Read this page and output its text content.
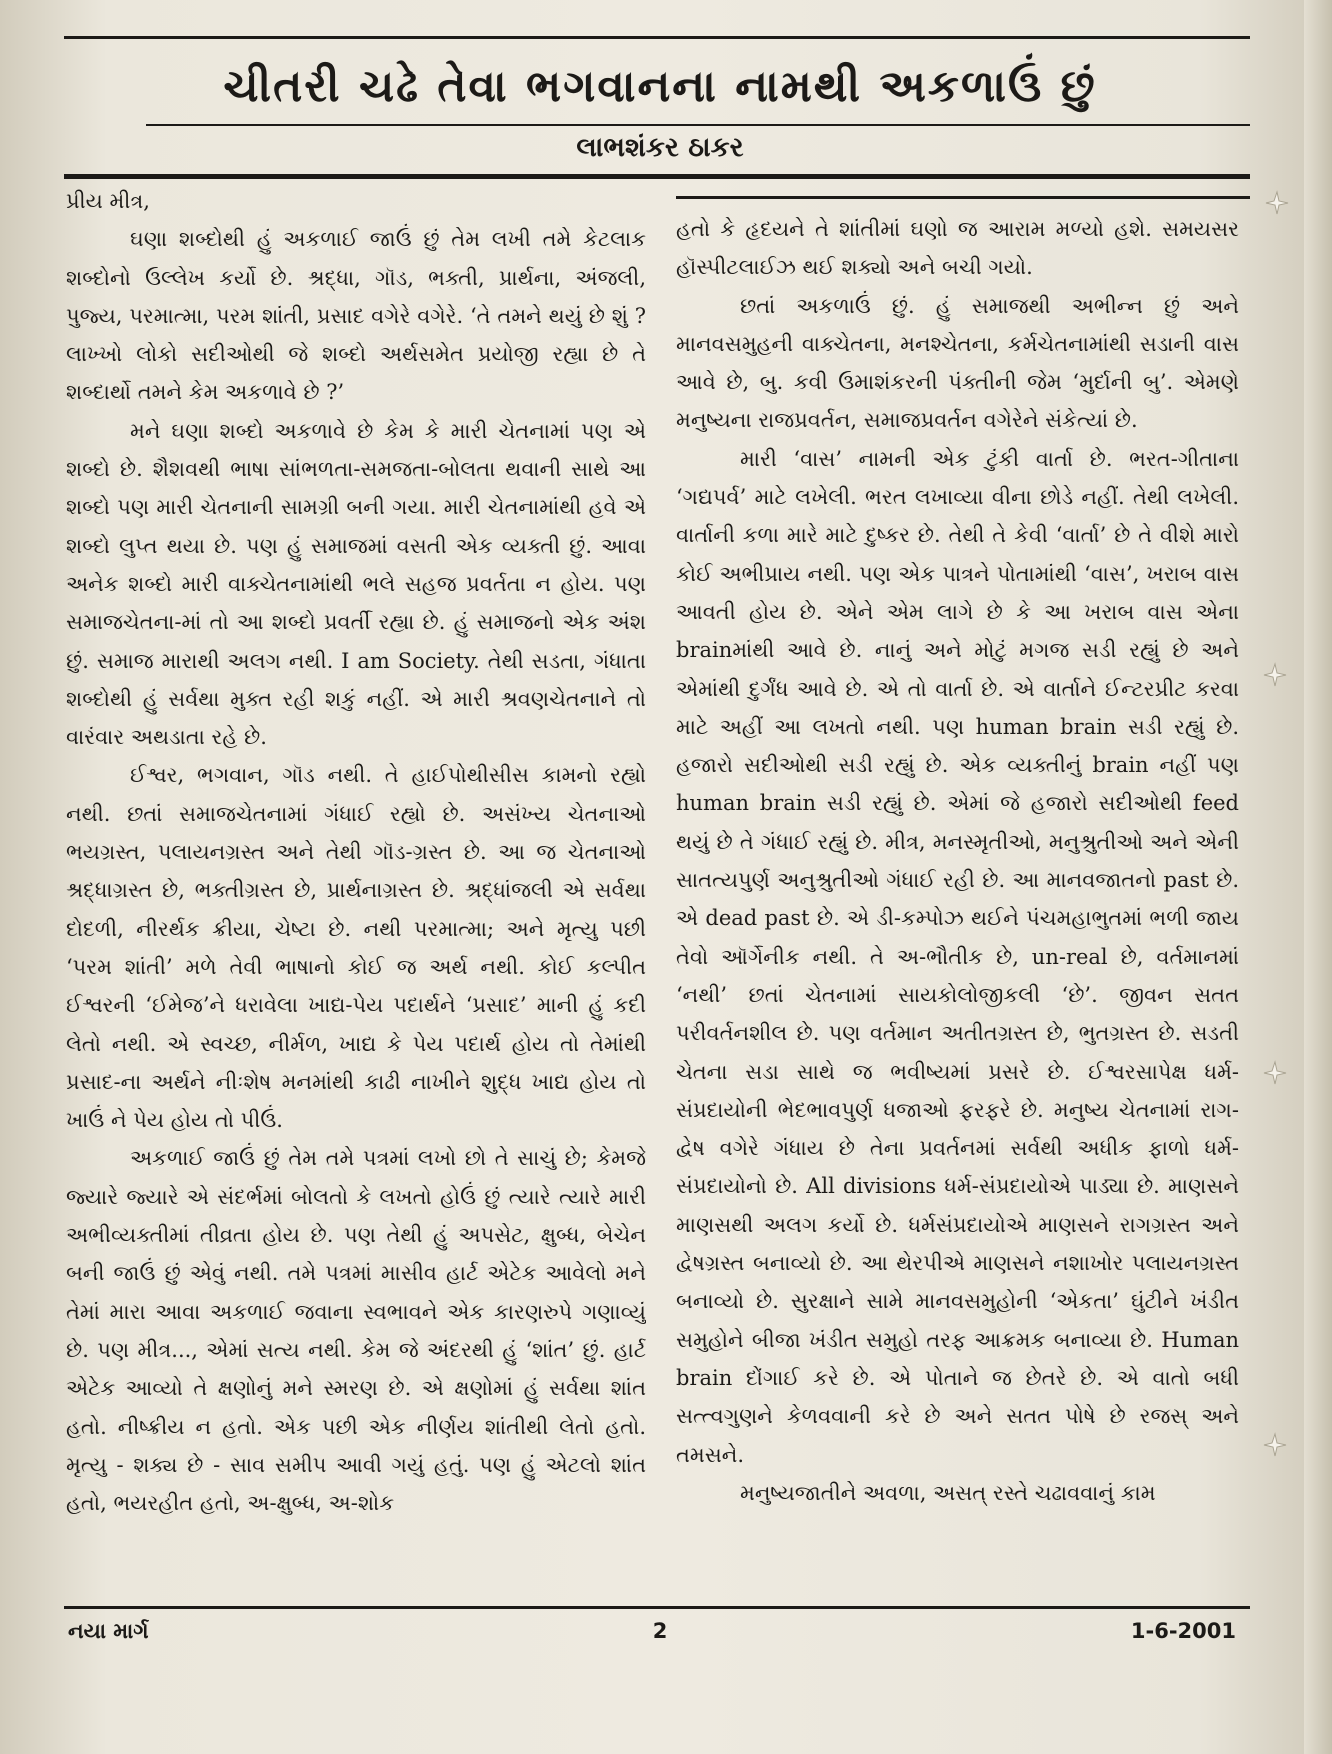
ચીતરી ચઢે તેવા ભગવાનના નામથી અકળાઉં છું
લાભશંકર ઠાકર

પ્રીય મીત્ર,

ઘણા શબ્દોથી હું અકળાઈ જાઉં છું તેમ લખી તમે કેટલાક શબ્દોનો ઉલ્લેખ કર્યો છે. શ્રદ્ધા, ગૉડ, ભક્તી, પ્રાર્થના, અંજલી, પુજ્ય, પરમાત્મા, પરમ શાંતી, પ્રસાદ વગેરે વગેરે. ‘તે તમને થયું છે શું ? લાખ્ખો લોકો સદીઓથી જે શબ્દો અર્થસમેત પ્રયોજી રહ્યા છે તે શબ્દાર્થો તમને કેમ અકળાવે છે ?’

મને ઘણા શબ્દો અકળાવે છે કેમ કે મારી ચેતનામાં પણ એ શબ્દો છે. શૈશવથી ભાષા સાંભળતા-સમજતા-બોલતા થવાની સાથે આ શબ્દો પણ મારી ચેતનાની સામગ્રી બની ગયા. મારી ચેતનામાંથી હવે એ શબ્દો લુપ્ત થયા છે. પણ હું સમાજમાં વસતી એક વ્યક્તી છું. આવા અનેક શબ્દો મારી વાક્ચેતનામાંથી ભલે સહજ પ્રવર્તતા ન હોય. પણ સમાજચેતના-માં તો આ શબ્દો પ્રવર્તી રહ્યા છે. હું સમાજનો એક અંશ છું. સમાજ મારાથી અલગ નથી. I am Society. તેથી સડતા, ગંધાતા શબ્દોથી હું સર્વથા મુક્ત રહી શકું નહીં. એ મારી શ્રવણચેતનાને તો વારંવાર અથડાતા રહે છે.

ઈશ્વર, ભગવાન, ગૉડ નથી. તે હાઈપોથીસીસ કામનો રહ્યો નથી. છતાં સમાજચેતનામાં ગંધાઈ રહ્યો છે. અસંખ્ય ચેતનાઓ ભયગ્રસ્ત, પલાયનગ્રસ્ત અને તેથી ગૉડ-ગ્રસ્ત છે. આ જ ચેતનાઓ શ્રદ્ધાગ્રસ્ત છે, ભક્તીગ્રસ્ત છે, પ્રાર્થનાગ્રસ્ત છે. શ્રદ્ધાંજલી એ સર્વથા દોદળી, નીરર્થક ક્રીયા, ચેષ્ટા છે. નથી પરમાત્મા; અને મૃત્યુ પછી ‘પરમ શાંતી’ મળે તેવી ભાષાનો કોઈ જ અર્થ નથી. કોઈ કલ્પીત ઈશ્વરની ‘ઈમેજ’ને ધરાવેલા ખાદ્ય-પેય પદાર્થને ‘પ્રસાદ’ માની હું કદી લેતો નથી. એ સ્વચ્છ, નીર્મળ, ખાદ્ય કે પેય પદાર્થ હોય તો તેમાંથી પ્રસાદ-ના અર્થને નીઃશેષ મનમાંથી કાઢી નાખીને શુદ્ધ ખાદ્ય હોય તો ખાઉં ને પેય હોય તો પીઉં.

અકળાઈ જાઉં છું તેમ તમે પત્રમાં લખો છો તે સાચું છે; કેમજે જ્યારે જ્યારે એ સંદર્ભમાં બોલતો કે લખતો હોઉં છું ત્યારે ત્યારે મારી અભીવ્યક્તીમાં તીવ્રતા હોય છે. પણ તેથી હું અપસેટ, ક્ષુબ્ધ, બેચેન બની જાઉં છું એવું નથી. તમે પત્રમાં માસીવ હાર્ટ એટેક આવેલો મને તેમાં મારા આવા અકળાઈ જવાના સ્વભાવને એક કારણરુપે ગણાવ્યું છે. પણ મીત્ર..., એમાં સત્ય નથી. કેમ જે અંદરથી હું ‘શાંત’ છું. હાર્ટ એટેક આવ્યો તે ક્ષણોનું મને સ્મરણ છે. એ ક્ષણોમાં હું સર્વથા શાંત હતો. નીષ્ક્રીય ન હતો. એક પછી એક નીર્ણય શાંતીથી લેતો હતો. મૃત્યુ - શક્ય છે - સાવ સમીપ આવી ગયું હતું. પણ હું એટલો શાંત હતો, ભયરહીત હતો, અ-ક્ષુબ્ધ, અ-શોક

હતો કે હૃદયને તે શાંતીમાં ઘણો જ આરામ મળ્યો હશે. સમયસર હૉસ્પીટલાઈઝ થઈ શક્યો અને બચી ગયો.

છતાં અકળાઉં છું. હું સમાજથી અભીન્ન છું અને માનવસમુહની વાક્ચેતના, મનશ્ચેતના, કર્મચેતનામાંથી સડાની વાસ આવે છે, બુ. કવી ઉમાશંકરની પંક્તીની જેમ ‘મુર્દાની બુ’. એમણે મનુષ્યના રાજપ્રવર્તન, સમાજપ્રવર્તન વગેરેને સંકેત્યાં છે.

મારી ‘વાસ’ નામની એક ટુંકી વાર્તા છે. ભરત-ગીતાના ‘ગદ્યપર્વ’ માટે લખેલી. ભરત લખાવ્યા વીના છોડે નહીં. તેથી લખેલી. વાર્તાની કળા મારે માટે દુષ્કર છે. તેથી તે કેવી ‘વાર્તા’ છે તે વીશે મારો કોઈ અભીપ્રાય નથી. પણ એક પાત્રને પોતામાંથી ‘વાસ’, ખરાબ વાસ આવતી હોય છે. એને એમ લાગે છે કે આ ખરાબ વાસ એના brainમાંથી આવે છે. નાનું અને મોટું મગજ સડી રહ્યું છે અને એમાંથી દુર્ગંધ આવે છે. એ તો વાર્તા છે. એ વાર્તાને ઈન્ટરપ્રીટ કરવા માટે અહીં આ લખતો નથી. પણ human brain સડી રહ્યું છે. હજારો સદીઓથી સડી રહ્યું છે. એક વ્યક્તીનું brain નહીં પણ human brain સડી રહ્યું છે. એમાં જે હજારો સદીઓથી feed થયું છે તે ગંધાઈ રહ્યું છે. મીત્ર, મનસ્મૃતીઓ, મનુશ્રુતીઓ અને એની સાતત્યપુર્ણ અનુશ્રુતીઓ ગંધાઈ રહી છે. આ માનવજાતનો past છે. એ dead past છે. એ ડી-કમ્પોઝ થઈને પંચમહાભુતમાં ભળી જાય તેવો ઑર્ગેનીક નથી. તે અ-ભૌતીક છે, un-real છે, વર્તમાનમાં ‘નથી’ છતાં ચેતનામાં સાયકોલોજીકલી ‘છે’. જીવન સતત પરીવર્તનશીલ છે. પણ વર્તમાન અતીતગ્રસ્ત છે, ભુતગ્રસ્ત છે. સડતી ચેતના સડા સાથે જ ભવીષ્યમાં પ્રસરે છે. ઈશ્વરસાપેક્ષ ધર્મ-સંપ્રદાયોની ભેદભાવપુર્ણ ધજાઓ ફરફરે છે. મનુષ્ય ચેતનામાં રાગ-દ્વેષ વગેરે ગંધાય છે તેના પ્રવર્તનમાં સર્વથી અધીક ફાળો ધર્મ-સંપ્રદાયોનો છે. All divisions ધર્મ-સંપ્રદાયોએ પાડ્યા છે. માણસને માણસથી અલગ કર્યો છે. ધર્મસંપ્રદાયોએ માણસને રાગગ્રસ્ત અને દ્વેષગ્રસ્ત બનાવ્યો છે. આ થેરપીએ માણસને નશાખોર પલાયનગ્રસ્ત બનાવ્યો છે. સુરક્ષાને સામે માનવસમુહોની ‘એકતા’ ઘુંટીને ખંડીત સમુહોને બીજા ખંડીત સમુહો તરફ આક્રમક બનાવ્યા છે. Human brain દોંગાઈ કરે છે. એ પોતાને જ છેતરે છે. એ વાતો બધી સત્ત્વગુણને કેળવવાની કરે છે અને સતત પોષે છે રજસ્ અને તમસને.

મનુષ્યજાતીને અવળા, અસત્ રસ્તે ચઢાવવાનું કામ

નયા માર્ગ	2	1-6-2001
